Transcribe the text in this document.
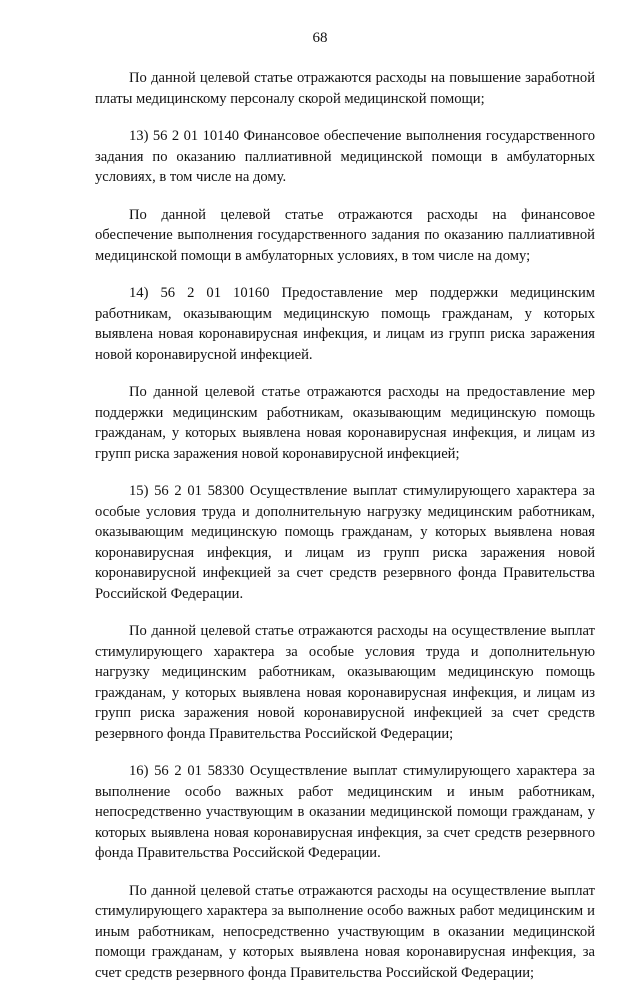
68

По данной целевой статье отражаются расходы на повышение заработной платы медицинскому персоналу скорой медицинской помощи;

13) 56 2 01 10140 Финансовое обеспечение выполнения государственного задания по оказанию паллиативной медицинской помощи в амбулаторных условиях, в том числе на дому.

По данной целевой статье отражаются расходы на финансовое обеспечение выполнения государственного задания по оказанию паллиативной медицинской помощи в амбулаторных условиях, в том числе на дому;

14) 56 2 01 10160 Предоставление мер поддержки медицинским работникам, оказывающим медицинскую помощь гражданам, у которых выявлена новая коронавирусная инфекция, и лицам из групп риска заражения новой коронавирусной инфекцией.

По данной целевой статье отражаются расходы на предоставление мер поддержки медицинским работникам, оказывающим медицинскую помощь гражданам, у которых выявлена новая коронавирусная инфекция, и лицам из групп риска заражения новой коронавирусной инфекцией;

15) 56 2 01 58300 Осуществление выплат стимулирующего характера за особые условия труда и дополнительную нагрузку медицинским работникам, оказывающим медицинскую помощь гражданам, у которых выявлена новая коронавирусная инфекция, и лицам из групп риска заражения новой коронавирусной инфекцией за счет средств резервного фонда Правительства Российской Федерации.

По данной целевой статье отражаются расходы на осуществление выплат стимулирующего характера за особые условия труда и дополнительную нагрузку медицинским работникам, оказывающим медицинскую помощь гражданам, у которых выявлена новая коронавирусная инфекция, и лицам из групп риска заражения новой коронавирусной инфекцией за счет средств резервного фонда Правительства Российской Федерации;

16) 56 2 01 58330 Осуществление выплат стимулирующего характера за выполнение особо важных работ медицинским и иным работникам, непосредственно участвующим в оказании медицинской помощи гражданам, у которых выявлена новая коронавирусная инфекция, за счет средств резервного фонда Правительства Российской Федерации.

По данной целевой статье отражаются расходы на осуществление выплат стимулирующего характера за выполнение особо важных работ медицинским и иным работникам, непосредственно участвующим в оказании медицинской помощи гражданам, у которых выявлена новая коронавирусная инфекция, за счет средств резервного фонда Правительства Российской Федерации;
